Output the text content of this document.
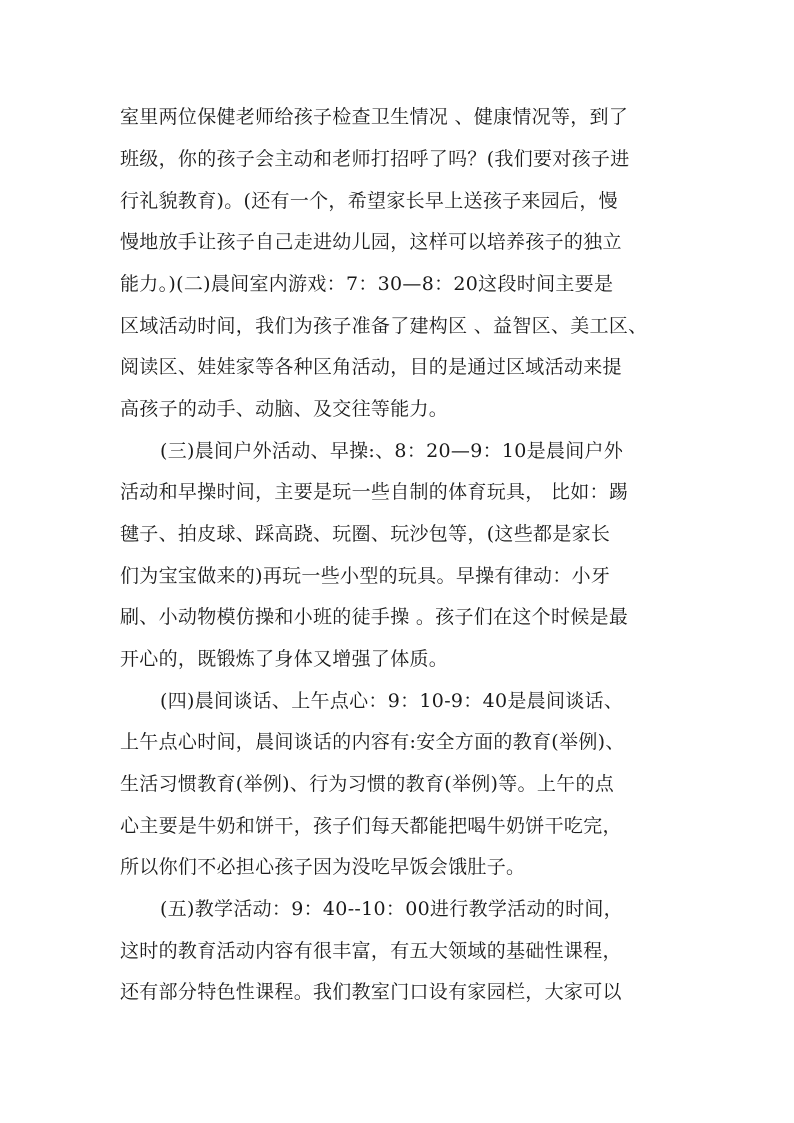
室里两位保健老师给孩子检查卫生情况 、健康情况等，到了
班级，你的孩子会主动和老师打招呼了吗？(我们要对孩子进
行礼貌教育)。(还有一个，希望家长早上送孩子来园后，慢
慢地放手让孩子自己走进幼儿园，这样可以培养孩子的独立
能力。)(二)晨间室内游戏：7：30—8：20这段时间主要是
区域活动时间，我们为孩子准备了建构区 、益智区、美工区、
阅读区、娃娃家等各种区角活动，目的是通过区域活动来提
高孩子的动手、动脑、及交往等能力。
(三)晨间户外活动、早操:、8：20—9：10是晨间户外
活动和早操时间，主要是玩一些自制的体育玩具， 比如：踢
毽子、拍皮球、踩高跷、玩圈、玩沙包等，(这些都是家长
们为宝宝做来的)再玩一些小型的玩具。早操有律动：小牙
刷、小动物模仿操和小班的徒手操 。孩子们在这个时候是最
开心的，既锻炼了身体又增强了体质。
(四)晨间谈话、上午点心：9：10-9：40是晨间谈话、
上午点心时间，晨间谈话的内容有:安全方面的教育(举例)、
生活习惯教育(举例)、行为习惯的教育(举例)等。上午的点
心主要是牛奶和饼干，孩子们每天都能把喝牛奶饼干吃完，
所以你们不必担心孩子因为没吃早饭会饿肚子。
(五)教学活动：9：40--10：00进行教学活动的时间，
这时的教育活动内容有很丰富，有五大领域的基础性课程，
还有部分特色性课程。我们教室门口设有家园栏，大家可以
